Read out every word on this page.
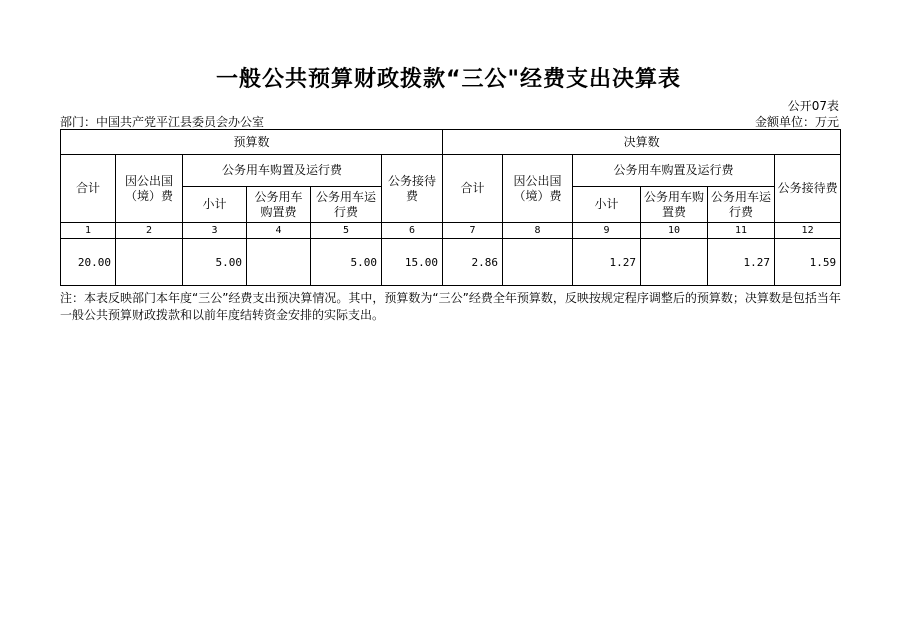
一般公共预算财政拨款“三公"经费支出决算表
公开07表
部门：中国共产党平江县委员会办公室	金额单位：万元
预算数						决算数					
合计	因公出国（境）费	公务用车购置及运行费			公务接待费	合计	因公出国（境）费	公务用车购置及运行费			公务接待费
		小计	公务用车购置费	公务用车运行费				小计	公务用车购置费	公务用车运行费	
1	2	3	4	5	6	7	8	9	10	11	12
20.00		5.00		5.00	15.00	2.86		1.27		1.27	1.59
注：本表反映部门本年度“三公”经费支出预决算情况。其中，预算数为“三公”经费全年预算数，反映按规定程序调整后的预算数；决算数是包括当年一般公共预算财政拨款和以前年度结转资金安排的实际支出。
